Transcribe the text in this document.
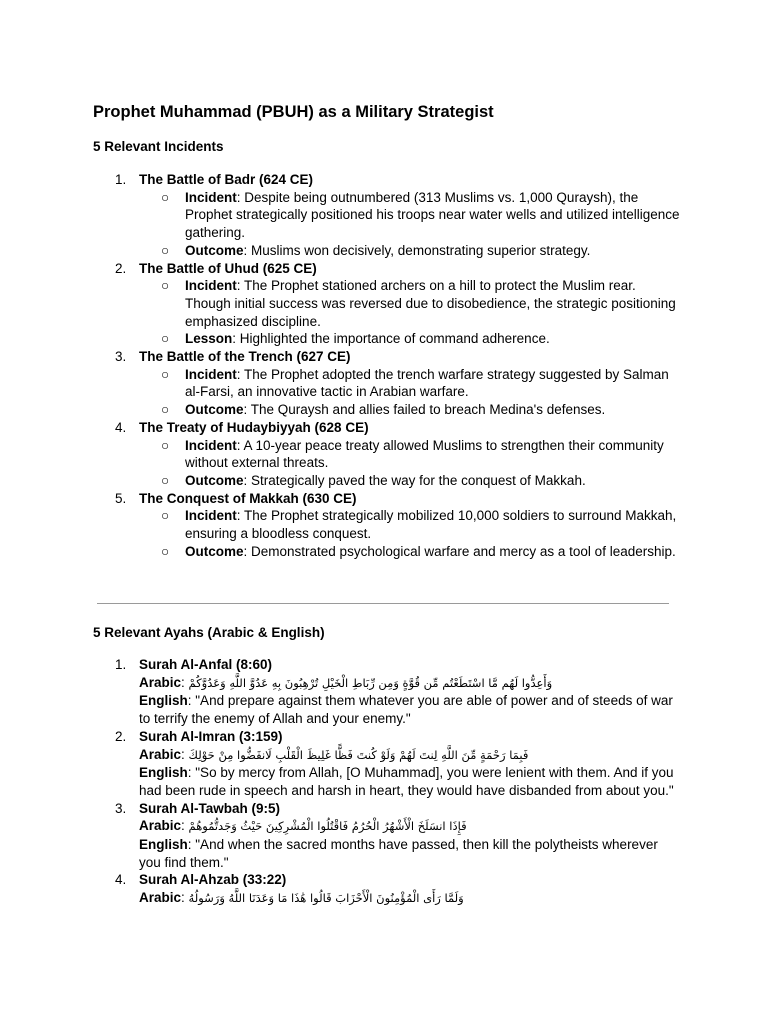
Prophet Muhammad (PBUH) as a Military Strategist
5 Relevant Incidents
1. The Battle of Badr (624 CE)
○ Incident: Despite being outnumbered (313 Muslims vs. 1,000 Quraysh), the Prophet strategically positioned his troops near water wells and utilized intelligence gathering.
○ Outcome: Muslims won decisively, demonstrating superior strategy.
2. The Battle of Uhud (625 CE)
○ Incident: The Prophet stationed archers on a hill to protect the Muslim rear. Though initial success was reversed due to disobedience, the strategic positioning emphasized discipline.
○ Lesson: Highlighted the importance of command adherence.
3. The Battle of the Trench (627 CE)
○ Incident: The Prophet adopted the trench warfare strategy suggested by Salman al-Farsi, an innovative tactic in Arabian warfare.
○ Outcome: The Quraysh and allies failed to breach Medina's defenses.
4. The Treaty of Hudaybiyyah (628 CE)
○ Incident: A 10-year peace treaty allowed Muslims to strengthen their community without external threats.
○ Outcome: Strategically paved the way for the conquest of Makkah.
5. The Conquest of Makkah (630 CE)
○ Incident: The Prophet strategically mobilized 10,000 soldiers to surround Makkah, ensuring a bloodless conquest.
○ Outcome: Demonstrated psychological warfare and mercy as a tool of leadership.
5 Relevant Ayahs (Arabic & English)
1. Surah Al-Anfal (8:60)
Arabic: وَأَعِدُّوا لَهُم مَّا اسْتَطَعْتُم مِّن قُوَّةٍ وَمِن رِّبَاطِ الْخَيْلِ تُرْهِبُونَ بِهِ عَدُوَّ اللَّهِ وَعَدُوَّكُمْ
English: "And prepare against them whatever you are able of power and of steeds of war to terrify the enemy of Allah and your enemy."
2. Surah Al-Imran (3:159)
Arabic: فَبِمَا رَحْمَةٍ مِّنَ اللَّهِ لِنتَ لَهُمْ وَلَوْ كُنتَ فَظًّا غَلِيظَ الْقَلْبِ لَانفَضُّوا مِنْ حَوْلِكَ
English: "So by mercy from Allah, [O Muhammad], you were lenient with them. And if you had been rude in speech and harsh in heart, they would have disbanded from about you."
3. Surah Al-Tawbah (9:5)
Arabic: فَإِذَا انسَلَخَ الْأَشْهُرُ الْحُرُمُ فَاقْتُلُوا الْمُشْرِكِينَ حَيْثُ وَجَدتُّمُوهُمْ
English: "And when the sacred months have passed, then kill the polytheists wherever you find them."
4. Surah Al-Ahzab (33:22)
Arabic: وَلَمَّا رَأَى الْمُؤْمِنُونَ الْأَحْزَابَ قَالُوا هَٰذَا مَا وَعَدَنَا اللَّهُ وَرَسُولُهُ
